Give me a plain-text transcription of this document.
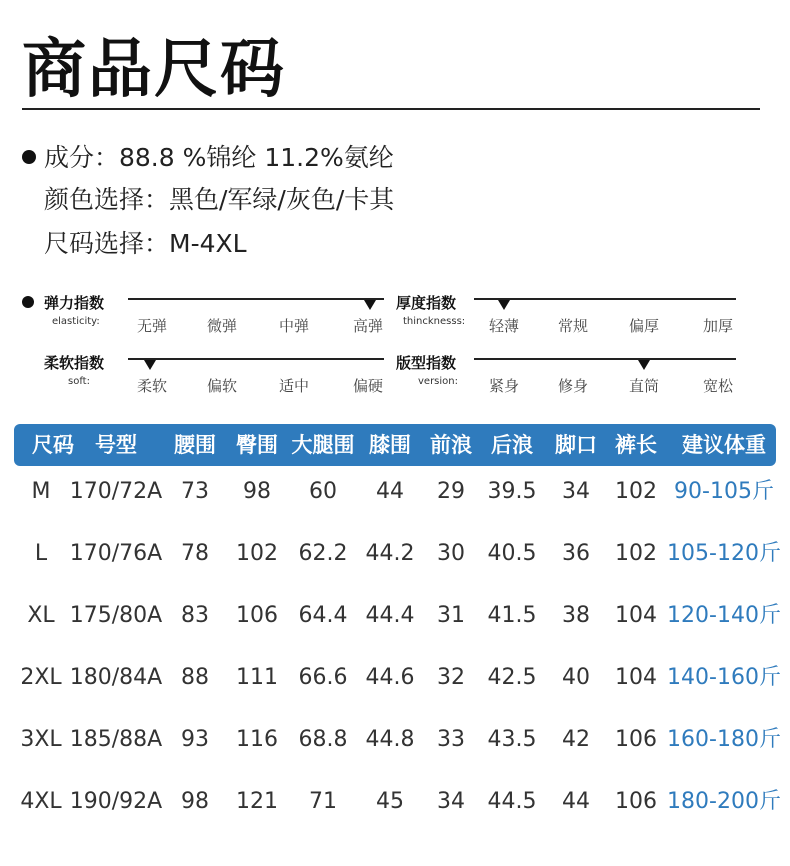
商品尺码
成分：88.8 %锦纶 11.2%氨纶
颜色选择：黑色/军绿/灰色/卡其
尺码选择：M-4XL
弹力指数
elasticity: 无弹	微弹	中弹	高弹
厚度指数
thincknesss: 轻薄	常规	偏厚	加厚
柔软指数
soft:	柔软	偏软	适中	偏硬
版型指数
version: 紧身	修身	直筒	宽松
尺码 号型 腰围 臀围 大腿围 膝围 前浪 后浪 脚口 裤长 建议体重
M 170/72A 73 98 60 44 29 39.5 34 102 90-105斤
L 170/76A 78 102 62.2 44.2 30 40.5 36 102 105-120斤
XL 175/80A 83 106 64.4 44.4 31 41.5 38 104 120-140斤
2XL 180/84A 88 111 66.6 44.6 32 42.5 40 104 140-160斤
3XL 185/88A 93 116 68.8 44.8 33 43.5 42 106 160-180斤
4XL 190/92A 98 121 71 45 34 44.5 44 106 180-200斤
